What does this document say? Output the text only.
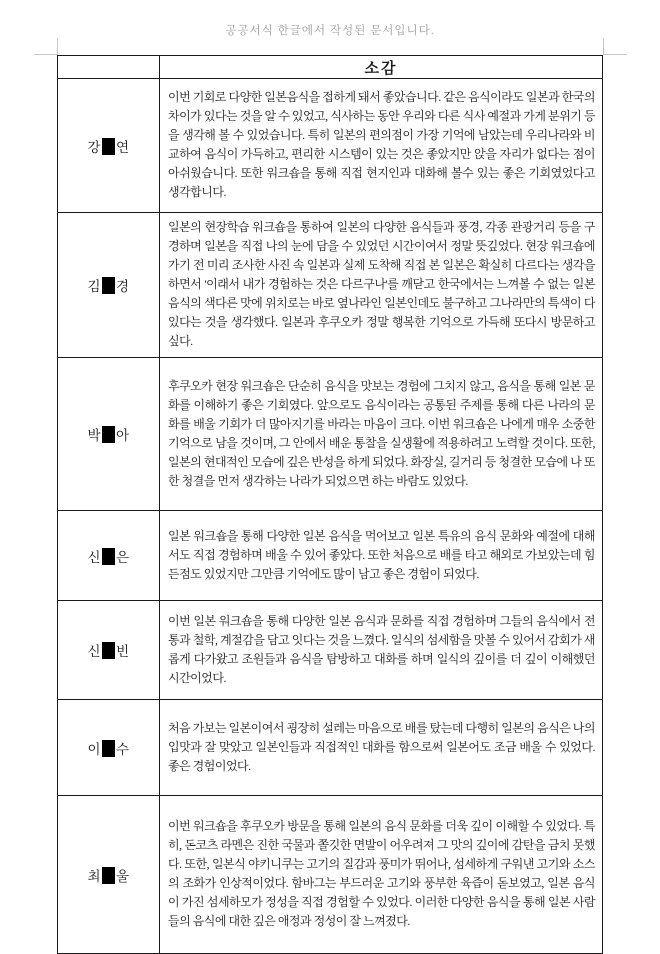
공공서식 한글에서 작성된 문서입니다.
	소감
강 연	이번 기회로 다양한 일본음식을 접하게 돼서 좋았습니다. 같은 음식이라도 일본과 한국의 차이가 있다는 것을 알 수 있었고, 식사하는 동안 우리와 다른 식사 예절과 가게 분위기 등을 생각해 볼 수 있었습니다. 특히 일본의 편의점이 가장 기억에 남았는데 우리나라와 비교하여 음식이 가득하고, 편리한 시스템이 있는 것은 좋았지만 앉을 자리가 없다는 점이 아쉬웠습니다. 또한 워크숍을 통해 직접 현지인과 대화해 볼수 있는 좋은 기회였었다고 생각합니다.
김 경	일본의 현장학습 워크숍을 통하여 일본의 다양한 음식들과 풍경, 각종 관광거리 등을 구경하며 일본을 직접 나의 눈에 담을 수 있었던 시간이여서 정말 뜻깊었다. 현장 워크숍에 가기 전 미리 조사한 사진 속 일본과 실제 도착해 직접 본 일본은 확실히 다르다는 생각을 하면서 '이래서 내가 경험하는 것은 다르구나'를 깨닫고 한국에서는 느껴볼 수 없는 일본음식의 색다른 맛에 위치로는 바로 옆나라인 일본인데도 불구하고 그나라만의 특색이 다 있다는 것을 생각했다. 일본과 후쿠오카 정말 행복한 기억으로 가득해 또다시 방문하고 싶다.
박 아	후쿠오카 현장 워크숍은 단순히 음식을 맛보는 경험에 그치지 않고, 음식을 통해 일본 문화를 이해하기 좋은 기회였다. 앞으로도 음식이라는 공통된 주제를 통해 다른 나라의 문화를 배울 기회가 더 많아지기를 바라는 마음이 크다. 이번 워크숍은 나에게 매우 소중한 기억으로 남을 것이며, 그 안에서 배운 통찰을 실생활에 적용하려고 노력할 것이다. 또한, 일본의 현대적인 모습에 깊은 반성을 하게 되었다. 화장실, 길거리 등 청결한 모습에 나 또한 청결을 먼저 생각하는 나라가 되었으면 하는 바람도 있었다.
신 은	일본 워크숍을 통해 다양한 일본 음식을 먹어보고 일본 특유의 음식 문화와 예절에 대해서도 직접 경험하며 배울 수 있어 좋았다. 또한 처음으로 배를 타고 해외로 가보았는데 힘든점도 있었지만 그만큼 기억에도 많이 남고 좋은 경험이 되었다.
신 빈	이번 일본 워크숍을 통해 다양한 일본 음식과 문화를 직접 경험하며 그들의 음식에서 전통과 철학, 계절감을 담고 잇다는 것을 느꼈다. 일식의 섬세함을 맛볼 수 있어서 감회가 새롭게 다가왔고 조원들과 음식을 탐방하고 대화를 하며 일식의 깊이를 더 깊이 이해했던 시간이었다.
이 수	처음 가보는 일본이여서 굉장히 설레는 마음으로 배를 탔는데 다행히 일본의 음식은 나의 입맛과 잘 맞았고 일본인들과 직접적인 대화를 함으로써 일본어도 조금 배울 수 있었다. 좋은 경험이었다.
최 울	이번 워크숍을 후쿠오카 방문을 통해 일본의 음식 문화를 더욱 깊이 이해할 수 있었다. 특히, 돈코츠 라멘은 진한 국물과 쫄깃한 면발이 어우려져 그 맛의 깊이에 감탄을 금치 못했다. 또한, 일본식 야키니쿠는 고기의 질감과 풍미가 뛰어나, 섬세하게 구워낸 고기와 소스의 조화가 인상적이었다. 함바그는 부드러운 고기와 풍부한 육즙이 돋보였고, 일본 음식이 가진 섬세하모가 정성을 직접 경험할 수 있었다. 이러한 다양한 음식을 통해 일본 사람들의 음식에 대한 깊은 애정과 정성이 잘 느껴졌다.
